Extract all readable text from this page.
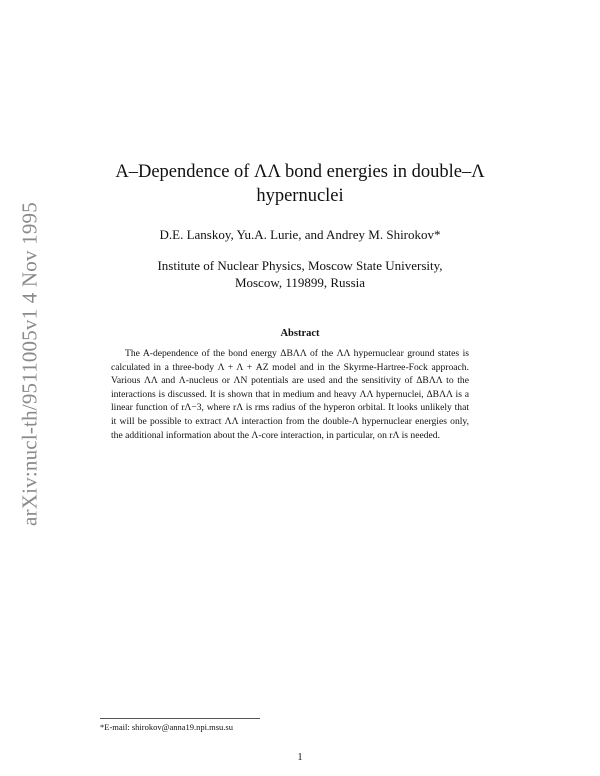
arXiv:nucl-th/9511005v1 4 Nov 1995
A–Dependence of ΛΛ bond energies in double–Λ
hypernuclei
D.E. Lanskoy, Yu.A. Lurie, and Andrey M. Shirokov*
Institute of Nuclear Physics, Moscow State University,
Moscow, 119899, Russia
Abstract
The A-dependence of the bond energy ΔBΛΛ of the ΛΛ hypernuclear ground states is calculated in a three-body Λ + Λ + AZ model and in the Skyrme-Hartree-Fock approach. Various ΛΛ and Λ-nucleus or ΛN potentials are used and the sensitivity of ΔBΛΛ to the interactions is discussed. It is shown that in medium and heavy ΛΛ hypernuclei, ΔBΛΛ is a linear function of rΛ−3, where rΛ is rms radius of the hyperon orbital. It looks unlikely that it will be possible to extract ΛΛ interaction from the double-Λ hypernuclear energies only, the additional information about the Λ-core interaction, in particular, on rΛ is needed.
*E-mail: shirokov@anna19.npi.msu.su
1
